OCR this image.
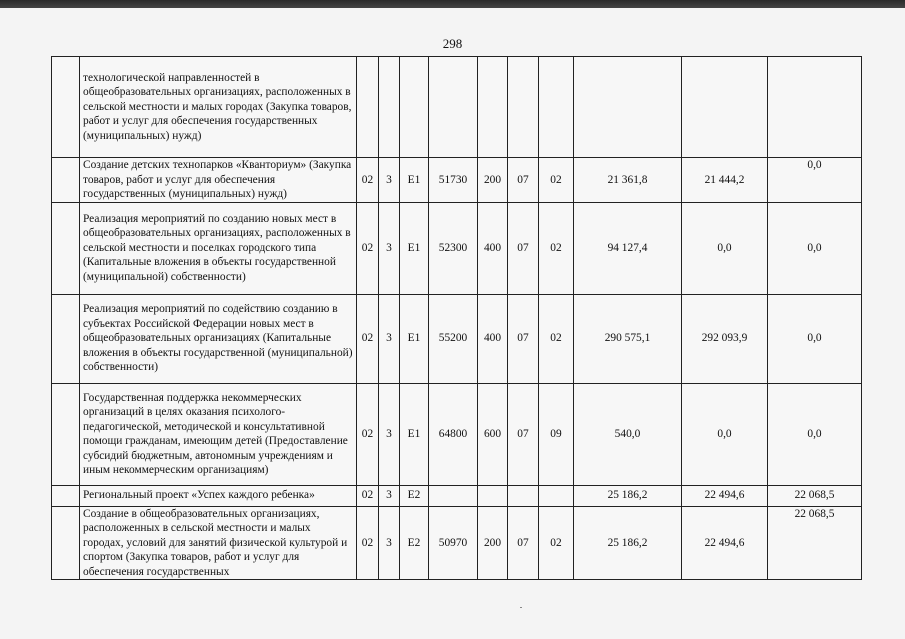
298
	технологической направленностей в общеобразовательных организациях, расположенных в сельской местности и малых городах (Закупка товаров, работ и услуг для обеспечения государственных (муниципальных) нужд)										
	Создание детских технопарков «Кванториум» (Закупка товаров, работ и услуг для обеспечения государственных (муниципальных) нужд)	02	3	E1	51730	200	07	02	21 361,8	21 444,2	0,0
	Реализация мероприятий по созданию новых мест в общеобразовательных организациях, расположенных в сельской местности и поселках городского типа (Капитальные вложения в объекты государственной (муниципальной) собственности)	02	3	E1	52300	400	07	02	94 127,4	0,0	0,0
	Реализация мероприятий по содействию созданию в субъектах Российской Федерации новых мест в общеобразовательных организациях (Капитальные вложения в объекты государственной (муниципальной) собственности)	02	3	E1	55200	400	07	02	290 575,1	292 093,9	0,0
	Государственная поддержка некоммерческих организаций в целях оказания психолого-педагогической, методической и консультативной помощи гражданам, имеющим детей (Предоставление субсидий бюджетным, автономным учреждениям и иным некоммерческим организациям)	02	3	E1	64800	600	07	09	540,0	0,0	0,0
	Региональный проект «Успех каждого ребенка»	02	3	E2					25 186,2	22 494,6	22 068,5
	Создание в общеобразовательных организациях, расположенных в сельской местности и малых городах, условий для занятий физической культурой и спортом (Закупка товаров, работ и услуг для обеспечения государственных	02	3	E2	50970	200	07	02	25 186,2	22 494,6	22 068,5
